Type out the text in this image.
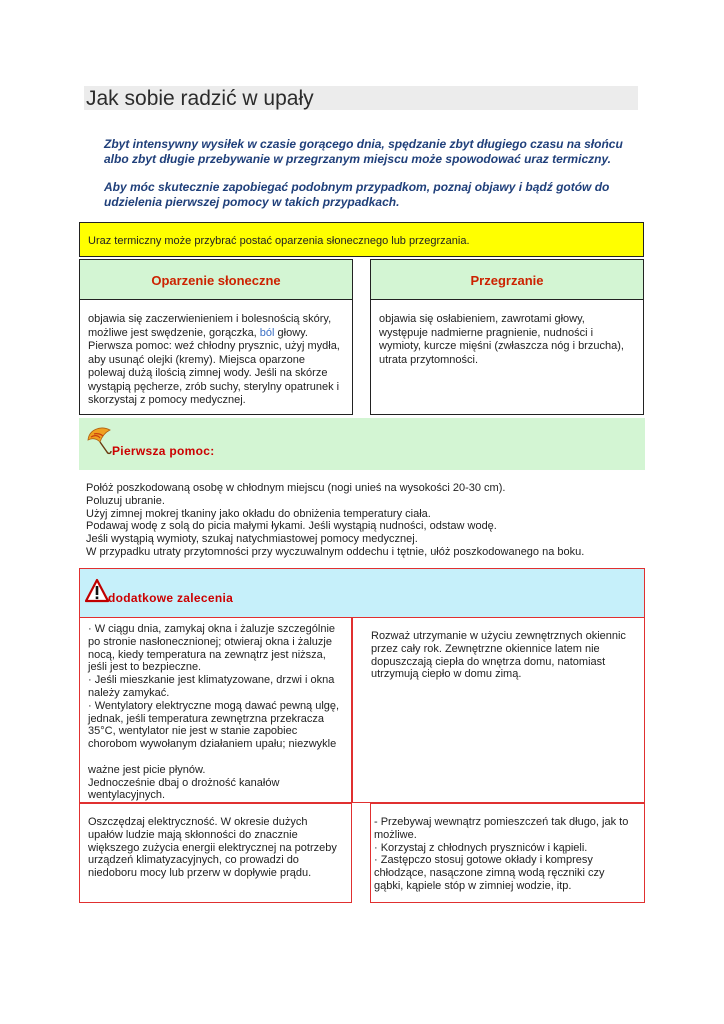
Jak sobie radzić w upały

Zbyt intensywny wysiłek w czasie gorącego dnia, spędzanie zbyt długiego czasu na słońcu albo zbyt długie przebywanie w przegrzanym miejscu może spowodować uraz termiczny.

Aby móc skutecznie zapobiegać podobnym przypadkom, poznaj objawy i bądź gotów do udzielenia pierwszej pomocy w takich przypadkach.

Uraz termiczny może przybrać postać oparzenia słonecznego lub przegrzania.
Oparzenie słoneczne	Przegrzanie

objawia się zaczerwienieniem i bolesnością skóry, możliwe jest swędzenie, gorączka, ból głowy. Pierwsza pomoc: weź chłodny prysznic, użyj mydła, aby usunąć olejki (kremy). Miejsca oparzone polewaj dużą ilością zimnej wody. Jeśli na skórze wystąpią pęcherze, zrób suchy, sterylny opatrunek i skorzystaj z pomocy medycznej.

objawia się osłabieniem, zawrotami głowy, występuje nadmierne pragnienie, nudności i wymioty, kurcze mięśni (zwłaszcza nóg i brzucha), utrata przytomności.

Pierwsza pomoc:
Połóż poszkodowaną osobę w chłodnym miejscu (nogi unieś na wysokości 20-30 cm).
Poluzuj ubranie.
Użyj zimnej mokrej tkaniny jako okładu do obniżenia temperatury ciała.
Podawaj wodę z solą do picia małymi łykami. Jeśli wystąpią nudności, odstaw wodę.
Jeśli wystąpią wymioty, szukaj natychmiastowej pomocy medycznej.
W przypadku utraty przytomności przy wyczuwalnym oddechu i tętnie, ułóż poszkodowanego na boku.
dodatkowe zalecenia
· W ciągu dnia, zamykaj okna i żaluzje szczególnie
po stronie nasłonecznionej; otwieraj okna i żaluzje
nocą, kiedy temperatura na zewnątrz jest niższa,
jeśli jest to bezpieczne.
· Jeśli mieszkanie jest klimatyzowane, drzwi i okna
należy zamykać.
· Wentylatory elektryczne mogą dawać pewną ulgę,
jednak, jeśli temperatura zewnętrzna przekracza
35°C, wentylator nie jest w stanie zapobiec
chorobom wywołanym działaniem upału; niezwykle
ważne jest picie płynów.
Jednocześnie dbaj o drożność kanałów
wentylacyjnych.

Rozważ utrzymanie w użyciu zewnętrznych okiennic przez cały rok. Zewnętrzne okiennice latem nie dopuszczają ciepła do wnętrza domu, natomiast utrzymują ciepło w domu zimą.

Oszczędzaj elektryczność. W okresie dużych upałów ludzie mają skłonności do znacznie większego zużycia energii elektrycznej na potrzeby urządzeń klimatyzacyjnych, co prowadzi do niedoboru mocy lub przerw w dopływie prądu.

- Przebywaj wewnątrz pomieszczeń tak długo, jak to
możliwe.
· Korzystaj z chłodnych pryszniców i kąpieli.
· Zastępczo stosuj gotowe okłady i kompresy
chłodzące, nasączone zimną wodą ręczniki czy
gąbki, kąpiele stóp w zimniej wodzie, itp.
